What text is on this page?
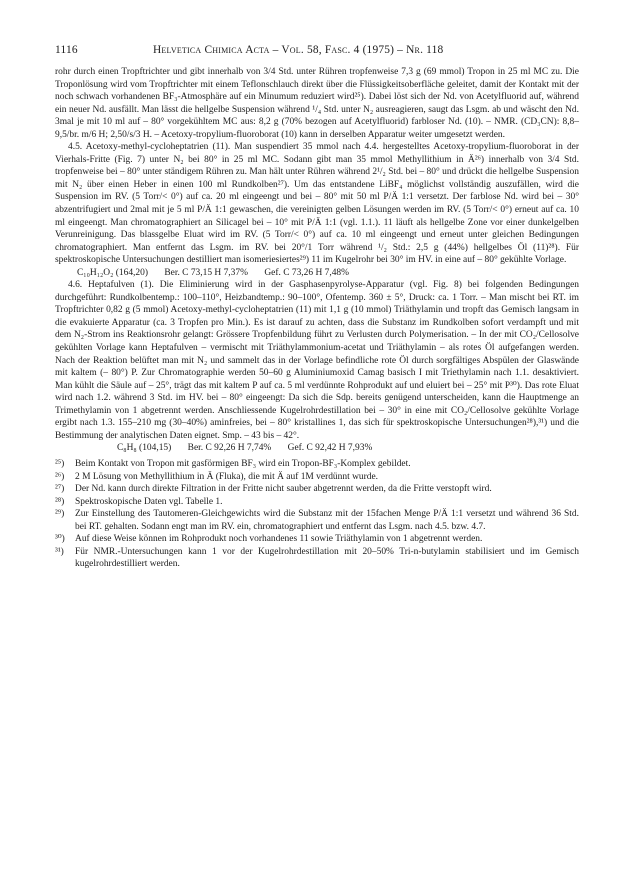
1116	Helvetica Chimica Acta – Vol. 58, Fasc. 4 (1975) – Nr. 118

rohr durch einen Tropftrichter und gibt innerhalb von 3/4 Std. unter Rühren tropfenweise 7,3 g (69 mmol) Tropon in 25 ml MC zu. Die Troponlösung wird vom Tropftrichter mit einem Teflonschlauch direkt über die Flüssigkeitsoberfläche geleitet, damit der Kontakt mit der noch schwach vorhandenen BF₃-Atmosphäre auf ein Minumum reduziert wird²⁵). Dabei löst sich der Nd. von Acetylfluorid auf, während ein neuer Nd. ausfällt. Man lässt die hellgelbe Suspension während ¹/₄ Std. unter N₂ ausreagieren, saugt das Lsgm. ab und wäscht den Nd. 3mal je mit 10 ml auf – 80° vorgekühltem MC aus: 8,2 g (70% bezogen auf Acetylfluorid) farbloser Nd. (10). – NMR. (CD₃CN): 8,8–9,5/br. m/6 H; 2,50/s/3 H. – Acetoxy-tropylium-fluoroborat (10) kann in derselben Apparatur weiter umgesetzt werden.

4.5. Acetoxy-methyl-cycloheptatrien (11). Man suspendiert 35 mmol nach 4.4. hergestelltes Acetoxy-tropylium-fluoroborat in der Vierhals-Fritte (Fig. 7) unter N₂ bei 80° in 25 ml MC. Sodann gibt man 35 mmol Methyllithium in Ä²⁶) innerhalb von 3/4 Std. tropfenweise bei – 80° unter ständigem Rühren zu. Man hält unter Rühren während 2¹/₂ Std. bei – 80° und drückt die hellgelbe Suspension mit N₂ über einen Heber in einen 100 ml Rundkolben²⁷). Um das entstandene LiBF₄ möglichst vollständig auszufällen, wird die Suspension im RV. (5 Torr/< 0°) auf ca. 20 ml eingeengt und bei – 80° mit 50 ml P/Ä 1:1 versetzt. Der farblose Nd. wird bei – 30° abzentrifugiert und 2mal mit je 5 ml P/Ä 1:1 gewaschen, die vereinigten gelben Lösungen werden im RV. (5 Torr/< 0°) erneut auf ca. 10 ml eingeengt. Man chromatographiert an Silicagel bei – 10° mit P/Ä 1:1 (vgl. 1.1.). 11 läuft als hellgelbe Zone vor einer dunkelgelben Verunreinigung. Das blassgelbe Eluat wird im RV. (5 Torr/< 0°) auf ca. 10 ml eingeengt und erneut unter gleichen Bedingungen chromatographiert. Man entfernt das Lsgm. im RV. bei 20°/1 Torr während ¹/₂ Std.: 2,5 g (44%) hellgelbes Öl (11)²⁸). Für spektroskopische Untersuchungen destilliert man isomeriesiertes²⁹) 11 im Kugelrohr bei 30° im HV. in eine auf – 80° gekühlte Vorlage.

C₁₀H₁₂O₂ (164,20) Ber. C 73,15 H 7,37% Gef. C 73,26 H 7,48%

4.6. Heptafulven (1). Die Eliminierung wird in der Gasphasenpyrolyse-Apparatur (vgl. Fig. 8) bei folgenden Bedingungen durchgeführt: Rundkolbentemp.: 100–110°, Heizbandtemp.: 90–100°, Ofentemp. 360 ± 5°, Druck: ca. 1 Torr. – Man mischt bei RT. im Tropftrichter 0,82 g (5 mmol) Acetoxy-methyl-cycloheptatrien (11) mit 1,1 g (10 mmol) Triäthylamin und tropft das Gemisch langsam in die evakuierte Apparatur (ca. 3 Tropfen pro Min.). Es ist darauf zu achten, dass die Substanz im Rundkolben sofort verdampft und mit dem N₂-Strom ins Reaktionsrohr gelangt: Grössere Tropfenbildung führt zu Verlusten durch Polymerisation. – In der mit CO₂/Cellosolve gekühlten Vorlage kann Heptafulven – vermischt mit Triäthylammonium-acetat und Triäthylamin – als rotes Öl aufgefangen werden. Nach der Reaktion belüftet man mit N₂ und sammelt das in der Vorlage befindliche rote Öl durch sorgfältiges Abspülen der Glaswände mit kaltem (– 80°) P. Zur Chromatographie werden 50–60 g Aluminiumoxid Camag basisch I mit Triethylamin nach 1.1. desaktiviert. Man kühlt die Säule auf – 25°, trägt das mit kaltem P auf ca. 5 ml verdünnte Rohprodukt auf und eluiert bei – 25° mit P³⁰). Das rote Eluat wird nach 1.2. während 3 Std. im HV. bei – 80° eingeengt: Da sich die Sdp. bereits genügend unterscheiden, kann die Hauptmenge an Trimethylamin von 1 abgetrennt werden. Anschliessende Kugelrohrdestillation bei – 30° in eine mit CO₂/Cellosolve gekühlte Vorlage ergibt nach 1.3. 155–210 mg (30–40%) aminfreies, bei – 80° kristallines 1, das sich für spektroskopische Untersuchungen²⁸),³¹) und die Bestimmung der analytischen Daten eignet. Smp. – 43 bis – 42°.

C₈H₈ (104,15) Ber. C 92,26 H 7,74% Gef. C 92,42 H 7,93%

²⁵)	Beim Kontakt von Tropon mit gasförmigen BF₃ wird ein Tropon-BF₃-Komplex gebildet.
²⁶)	2 M Lösung von Methyllithium in Ä (Fluka), die mit Ä auf 1M verdünnt wurde.
²⁷)	Der Nd. kann durch direkte Filtration in der Fritte nicht sauber abgetrennt werden, da die Fritte verstopft wird.
²⁸)	Spektroskopische Daten vgl. Tabelle 1.
²⁹)	Zur Einstellung des Tautomeren-Gleichgewichts wird die Substanz mit der 15fachen Menge P/Ä 1:1 versetzt und während 36 Std. bei RT. gehalten. Sodann engt man im RV. ein, chromatographiert und entfernt das Lsgm. nach 4.5. bzw. 4.7.
³⁰)	Auf diese Weise können im Rohprodukt noch vorhandenes 11 sowie Triäthylamin von 1 abgetrennt werden.
³¹)	Für NMR.-Untersuchungen kann 1 vor der Kugelrohrdestillation mit 20–50% Tri-n-butylamin stabilisiert und im Gemisch kugelrohrdestilliert werden.
